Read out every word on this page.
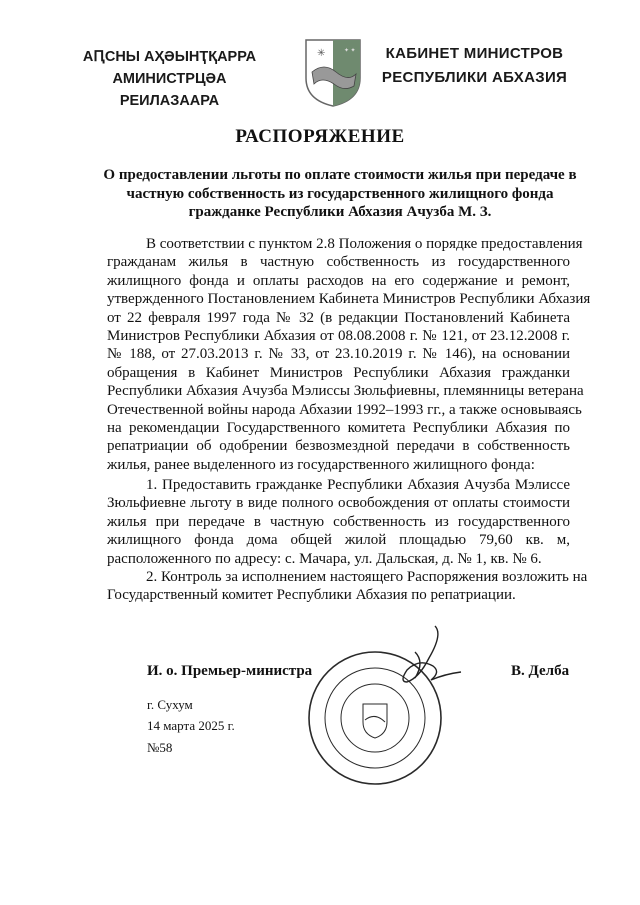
АԤСНЫ АҲӘЫНҬҚАРРА
АМИНИСТРЦӘА РЕИЛАЗААРА
✳	✦ ✦	КАБИНЕТ МИНИСТРОВ
РЕСПУБЛИКИ АБХАЗИЯ
РАСПОРЯЖЕНИЕ
О предоставлении льготы по оплате стоимости жилья при передаче в
частную собственность из государственного жилищного фонда
гражданке Республики Абхазия Ачузба М. З.
В соответствии с пунктом 2.8 Положения о порядке предоставления
гражданам жилья в частную собственность из государственного
жилищного фонда и оплаты расходов на его содержание и ремонт,
утвержденного Постановлением Кабинета Министров Республики Абхазия
от 22 февраля 1997 года № 32 (в редакции Постановлений Кабинета
Министров Республики Абхазия от 08.08.2008 г. № 121, от 23.12.2008 г.
№ 188, от 27.03.2013 г. № 33, от 23.10.2019 г. № 146), на основании
обращения в Кабинет Министров Республики Абхазия гражданки
Республики Абхазия Ачузба Мэлиссы Зюльфиевны, племянницы ветерана
Отечественной войны народа Абхазии 1992–1993 гг., а также основываясь
на рекомендации Государственного комитета Республики Абхазия по
репатриации об одобрении безвозмездной передачи в собственность
жилья, ранее выделенного из государственного жилищного фонда:
1. Предоставить гражданке Республики Абхазия Ачузба Мэлиссе
Зюльфиевне льготу в виде полного освобождения от оплаты стоимости
жилья при передаче в частную собственность из государственного
жилищного фонда дома общей жилой площадью 79,60 кв. м,
расположенного по адресу: с. Мачара, ул. Дальская, д. № 1, кв. № 6.
2. Контроль за исполнением настоящего Распоряжения возложить на
Государственный комитет Республики Абхазия по репатриации.
И. о. Премьер-министра	В. Делба
г. Сухум
14 марта 2025 г.
№58
